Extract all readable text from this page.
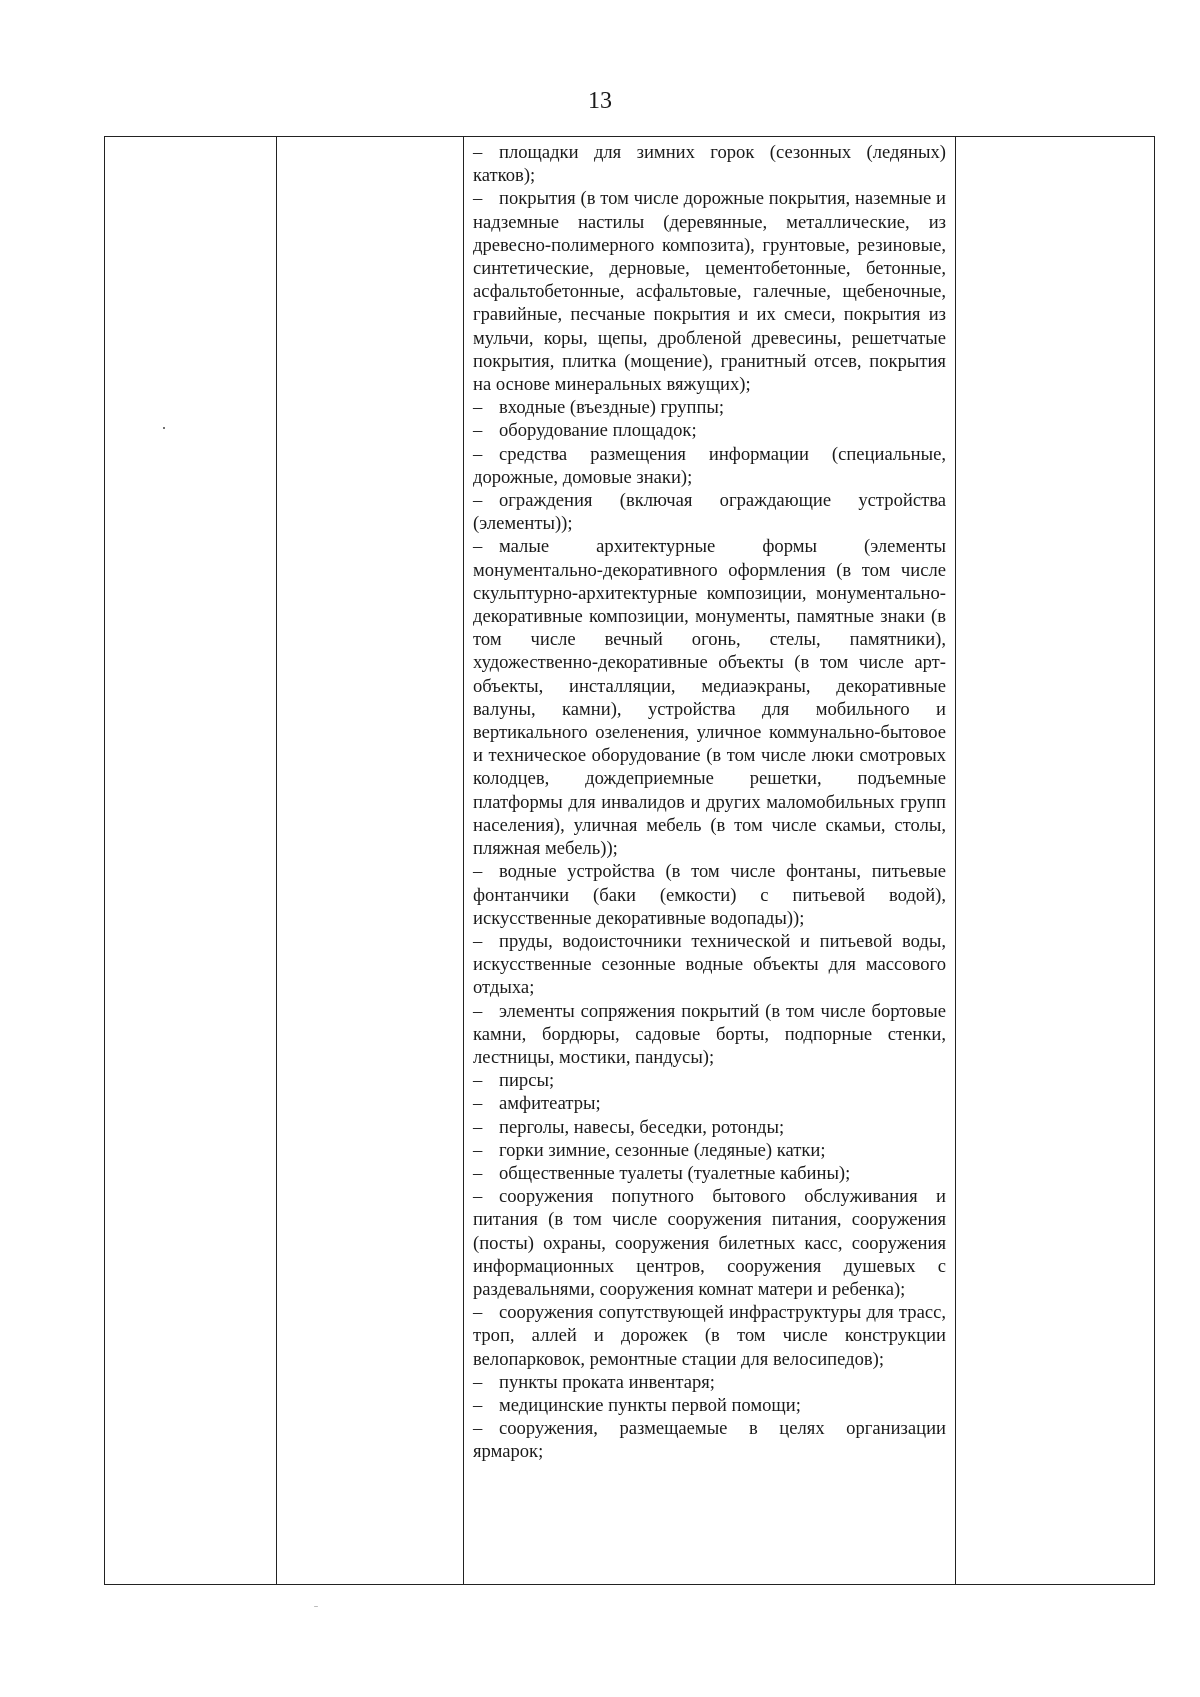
13

– площадки для зимних горок (сезонных (ледяных) катков);

– покрытия (в том числе дорожные покрытия, наземные и надземные настилы (деревянные, металлические, из древесно-полимерного композита), грунтовые, резиновые, синтетические, дерновые, цементобетонные, бетонные, асфальтобетонные, асфальтовые, галечные, щебеночные, гравийные, песчаные покрытия и их смеси, покрытия из мульчи, коры, щепы, дробленой древесины, решетчатые покрытия, плитка (мощение), гранитный отсев, покрытия на основе минеральных вяжущих);

– входные (въездные) группы;

– оборудование площадок;

– средства размещения информации (специальные, дорожные, домовые знаки);

– ограждения (включая ограждающие устройства (элементы));

– малые архитектурные формы (элементы монументально-декоративного оформления (в том числе скульптурно-архитектурные композиции, монументально-декоративные композиции, монументы, памятные знаки (в том числе вечный огонь, стелы, памятники), художественно-декоративные объекты (в том числе арт-объекты, инсталляции, медиаэкраны, декоративные валуны, камни), устройства для мобильного и вертикального озеленения, уличное коммунально-бытовое и техническое оборудование (в том числе люки смотровых колодцев, дождеприемные решетки, подъемные платформы для инвалидов и других маломобильных групп населения), уличная мебель (в том числе скамьи, столы, пляжная мебель));

– водные устройства (в том числе фонтаны, питьевые фонтанчики (баки (емкости) с питьевой водой), искусственные декоративные водопады));

– пруды, водоисточники технической и питьевой воды, искусственные сезонные водные объекты для массового отдыха;

– элементы сопряжения покрытий (в том числе бортовые камни, бордюры, садовые борты, подпорные стенки, лестницы, мостики, пандусы);

– пирсы;

– амфитеатры;

– перголы, навесы, беседки, ротонды;

– горки зимние, сезонные (ледяные) катки;

– общественные туалеты (туалетные кабины);

– сооружения попутного бытового обслуживания и питания (в том числе сооружения питания, сооружения (посты) охраны, сооружения билетных касс, сооружения информационных центров, сооружения душевых с раздевальнями, сооружения комнат матери и ребенка);

– сооружения сопутствующей инфраструктуры для трасс, троп, аллей и дорожек (в том числе конструкции велопарковок, ремонтные стации для велосипедов);

– пункты проката инвентаря;

– медицинские пункты первой помощи;

– сооружения, размещаемые в целях организации ярмарок;
